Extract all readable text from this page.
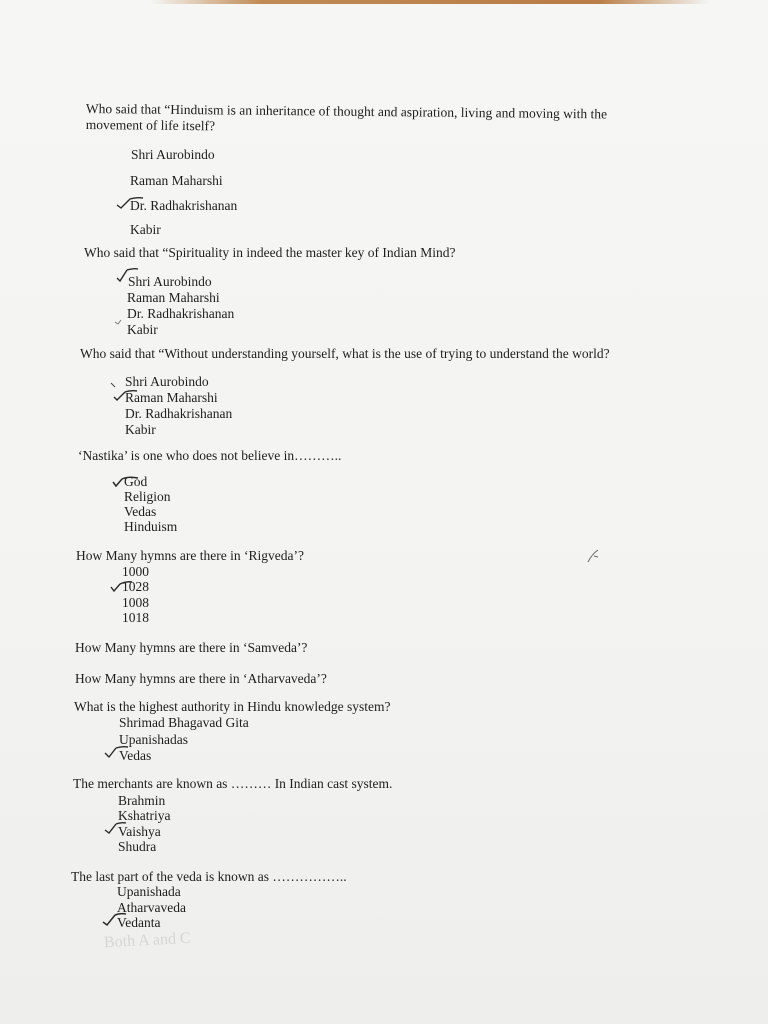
Who said that “Hinduism is an inheritance of thought and aspiration, living and moving with the
movement of life itself?
Shri Aurobindo
Raman Maharshi
Dr. Radhakrishanan
Kabir
Who said that “Spirituality in indeed the master key of Indian Mind?
Shri Aurobindo
Raman Maharshi
Dr. Radhakrishanan
Kabir
Who said that “Without understanding yourself, what is the use of trying to understand the world?
Shri Aurobindo
Raman Maharshi
Dr. Radhakrishanan
Kabir
‘Nastika’ is one who does not believe in………..
God
Religion
Vedas
Hinduism
How Many hymns are there in ‘Rigveda’?
1000
1028
1008
1018
How Many hymns are there in ‘Samveda’?
How Many hymns are there in ‘Atharvaveda’?
What is the highest authority in Hindu knowledge system?
Shrimad Bhagavad Gita
Upanishadas
Vedas
The merchants are known as ……… In Indian cast system.
Brahmin
Kshatriya
Vaishya
Shudra
The last part of the veda is known as ……………..
Upanishada
Atharvaveda
Vedanta
Both A and C
